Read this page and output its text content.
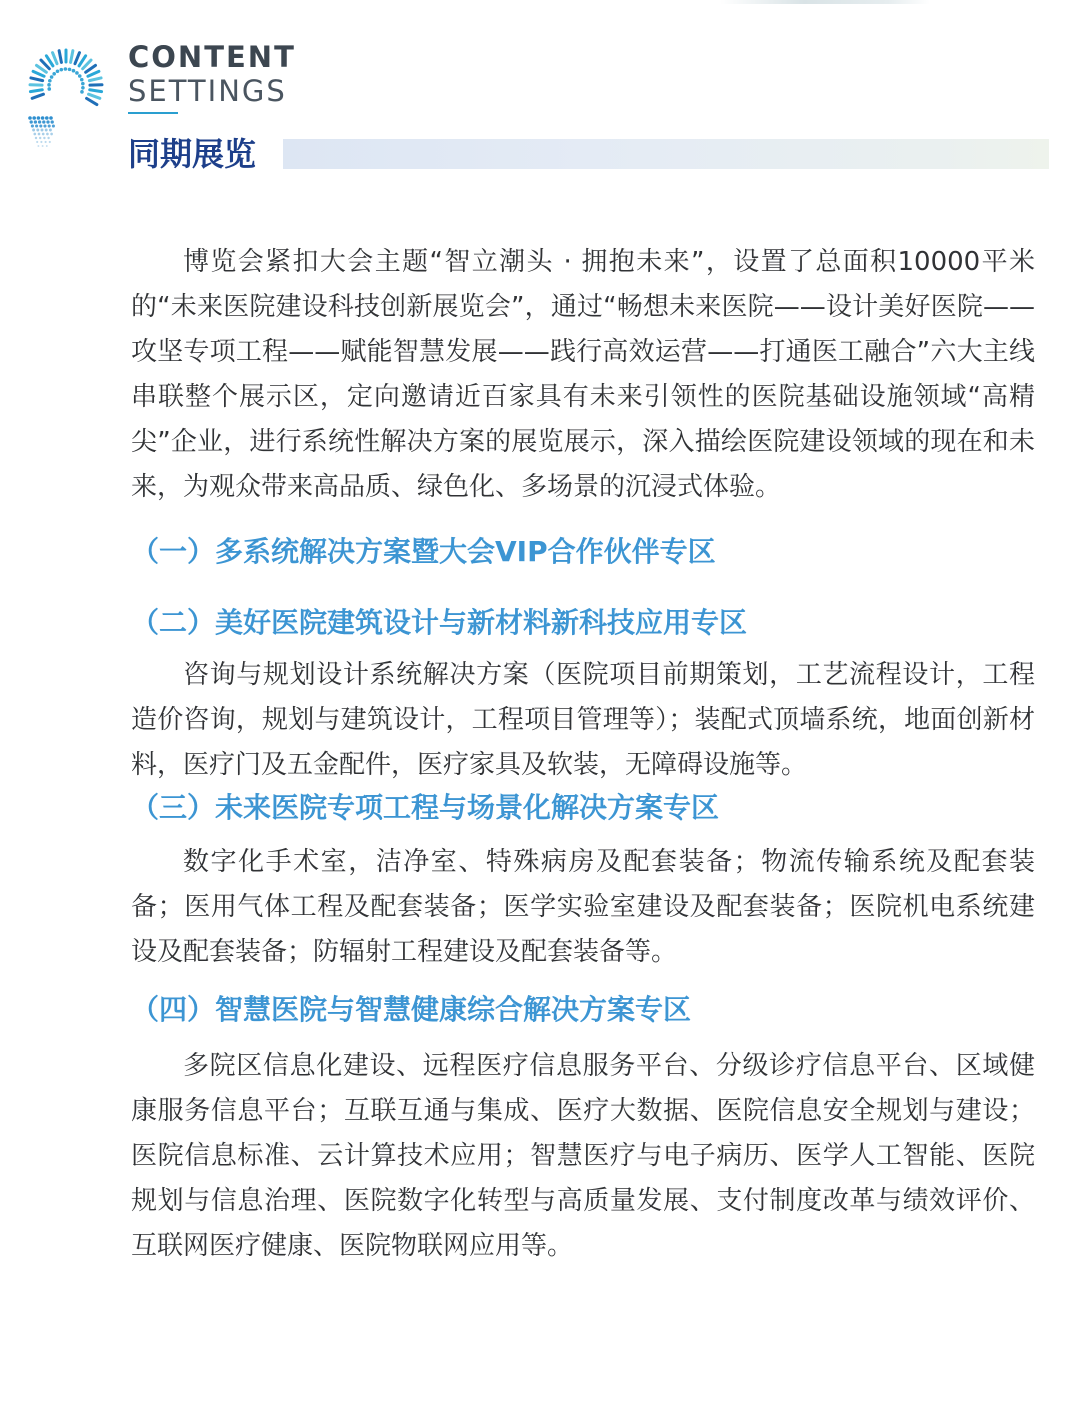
CONTENT
SETTINGS
同期展览

博览会紧扣大会主题“智立潮头 · 拥抱未来”，设置了总面积10000平米的“未来医院建设科技创新展览会”，通过“畅想未来医院——设计美好医院——攻坚专项工程——赋能智慧发展——践行高效运营——打通医工融合”六大主线串联整个展示区，定向邀请近百家具有未来引领性的医院基础设施领域“高精尖”企业，进行系统性解决方案的展览展示，深入描绘医院建设领域的现在和未来，为观众带来高品质、绿色化、多场景的沉浸式体验。

（一）多系统解决方案暨大会VIP合作伙伴专区
（二）美好医院建筑设计与新材料新科技应用专区

咨询与规划设计系统解决方案（医院项目前期策划，工艺流程设计，工程造价咨询，规划与建筑设计，工程项目管理等）；装配式顶墙系统，地面创新材料，医疗门及五金配件，医疗家具及软装，无障碍设施等。

（三）未来医院专项工程与场景化解决方案专区

数字化手术室，洁净室、特殊病房及配套装备；物流传输系统及配套装备；医用气体工程及配套装备；医学实验室建设及配套装备；医院机电系统建设及配套装备；防辐射工程建设及配套装备等。

（四）智慧医院与智慧健康综合解决方案专区

多院区信息化建设、远程医疗信息服务平台、分级诊疗信息平台、区域健康服务信息平台；互联互通与集成、医疗大数据、医院信息安全规划与建设；医院信息标准、云计算技术应用；智慧医疗与电子病历、医学人工智能、医院规划与信息治理、医院数字化转型与高质量发展、支付制度改革与绩效评价、互联网医疗健康、医院物联网应用等。
